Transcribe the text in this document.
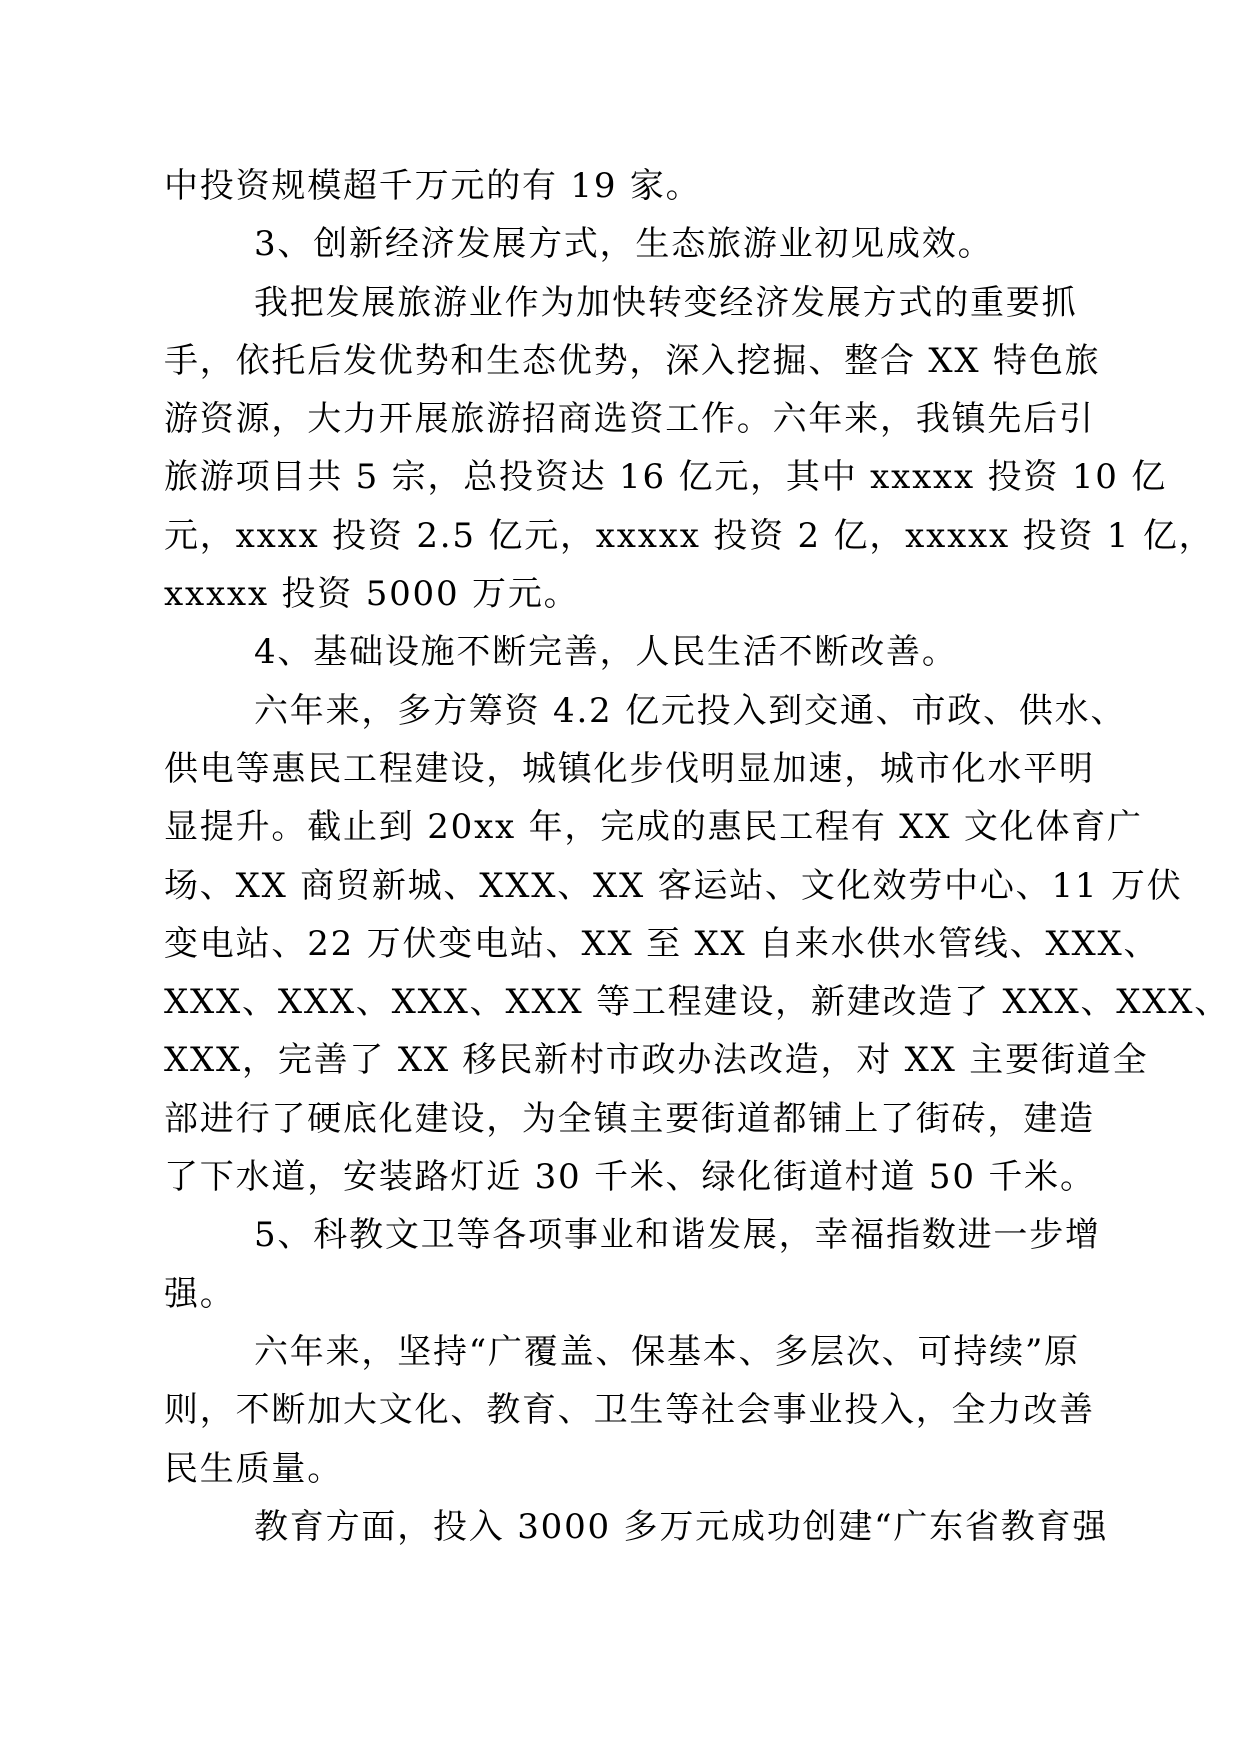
中投资规模超千万元的有 19 家。
3、创新经济发展方式，生态旅游业初见成效。
我把发展旅游业作为加快转变经济发展方式的重要抓
手，依托后发优势和生态优势，深入挖掘、整合 XX 特色旅
游资源，大力开展旅游招商选资工作。六年来，我镇先后引
旅游项目共 5 宗，总投资达 16 亿元，其中 xxxxx 投资 10 亿
元，xxxx 投资 2.5 亿元，xxxxx 投资 2 亿，xxxxx 投资 1 亿，
xxxxx 投资 5000 万元。
4、基础设施不断完善，人民生活不断改善。
六年来，多方筹资 4.2 亿元投入到交通、市政、供水、
供电等惠民工程建设，城镇化步伐明显加速，城市化水平明
显提升。截止到 20xx 年，完成的惠民工程有 XX 文化体育广
场、XX 商贸新城、XXX、XX 客运站、文化效劳中心、11 万伏
变电站、22 万伏变电站、XX 至 XX 自来水供水管线、XXX、
XXX、XXX、XXX、XXX 等工程建设，新建改造了 XXX、XXX、
XXX，完善了 XX 移民新村市政办法改造，对 XX 主要街道全
部进行了硬底化建设，为全镇主要街道都铺上了街砖，建造
了下水道，安装路灯近 30 千米、绿化街道村道 50 千米。
5、科教文卫等各项事业和谐发展，幸福指数进一步增
强。
六年来，坚持“广覆盖、保基本、多层次、可持续”原
则，不断加大文化、教育、卫生等社会事业投入，全力改善
民生质量。
教育方面，投入 3000 多万元成功创建“广东省教育强
